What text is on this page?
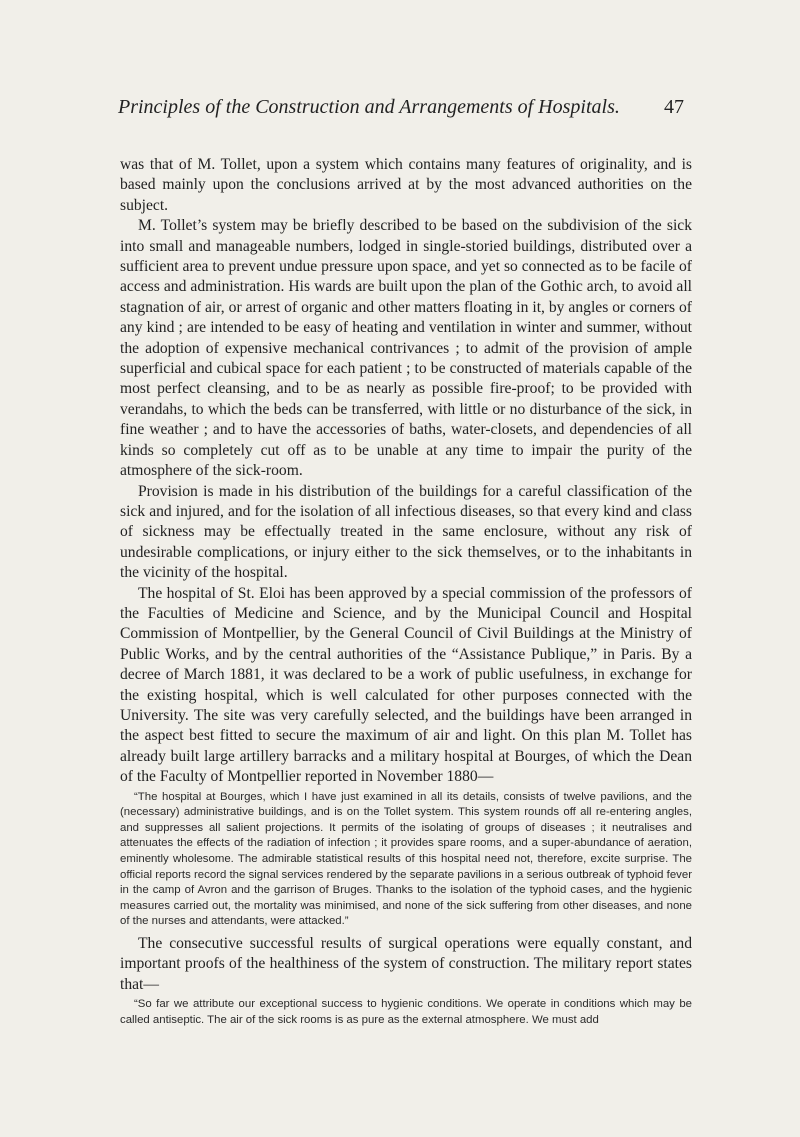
Principles of the Construction and Arrangements of Hospitals. 47

was that of M. Tollet, upon a system which contains many features of originality, and is based mainly upon the conclusions arrived at by the most advanced authorities on the subject.

M. Tollet’s system may be briefly described to be based on the subdivision of the sick into small and manageable numbers, lodged in single-storied buildings, distributed over a sufficient area to prevent undue pressure upon space, and yet so connected as to be facile of access and administration. His wards are built upon the plan of the Gothic arch, to avoid all stagnation of air, or arrest of organic and other matters floating in it, by angles or corners of any kind ; are intended to be easy of heating and ventilation in winter and summer, without the adoption of expensive mechanical contrivances ; to admit of the provision of ample superficial and cubical space for each patient ; to be constructed of materials capable of the most perfect cleansing, and to be as nearly as possible fire-proof; to be provided with verandahs, to which the beds can be transferred, with little or no disturbance of the sick, in fine weather ; and to have the accessories of baths, water-closets, and dependencies of all kinds so completely cut off as to be unable at any time to impair the purity of the atmosphere of the sick-room.

Provision is made in his distribution of the buildings for a careful classification of the sick and injured, and for the isolation of all infectious diseases, so that every kind and class of sickness may be effectually treated in the same enclosure, without any risk of undesirable complications, or injury either to the sick themselves, or to the inhabitants in the vicinity of the hospital.

The hospital of St. Eloi has been approved by a special commission of the professors of the Faculties of Medicine and Science, and by the Municipal Council and Hospital Commission of Montpellier, by the General Council of Civil Buildings at the Ministry of Public Works, and by the central authorities of the “Assistance Publique,” in Paris. By a decree of March 1881, it was declared to be a work of public usefulness, in exchange for the existing hospital, which is well calculated for other purposes connected with the University. The site was very carefully selected, and the buildings have been arranged in the aspect best fitted to secure the maximum of air and light. On this plan M. Tollet has already built large artillery barracks and a military hospital at Bourges, of which the Dean of the Faculty of Montpellier reported in November 1880—

“The hospital at Bourges, which I have just examined in all its details, consists of twelve pavilions, and the (necessary) administrative buildings, and is on the Tollet system. This system rounds off all re-entering angles, and suppresses all salient projections. It permits of the isolating of groups of diseases ; it neutralises and attenuates the effects of the radiation of infection ; it provides spare rooms, and a super-abundance of aeration, eminently wholesome. The admirable statistical results of this hospital need not, therefore, excite surprise. The official reports record the signal services rendered by the separate pavilions in a serious outbreak of typhoid fever in the camp of Avron and the garrison of Bruges. Thanks to the isolation of the typhoid cases, and the hygienic measures carried out, the mortality was minimised, and none of the sick suffering from other diseases, and none of the nurses and attendants, were attacked.”

The consecutive successful results of surgical operations were equally constant, and important proofs of the healthiness of the system of construction. The military report states that—

“So far we attribute our exceptional success to hygienic conditions. We operate in conditions which may be called antiseptic. The air of the sick rooms is as pure as the external atmosphere. We must add
